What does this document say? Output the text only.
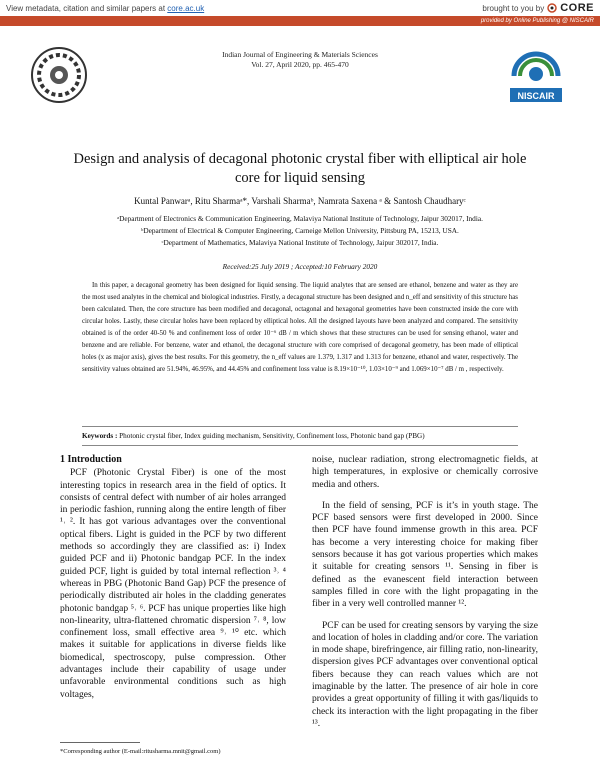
View metadata, citation and similar papers at core.ac.uk	brought to you by CORE
provided by Online Publishing @ NISCAIR
NISCAIR
Indian Journal of Engineering & Materials Sciences
Vol. 27, April 2020, pp. 465-470
Design and analysis of decagonal photonic crystal fiber with elliptical air hole core for liquid sensing
Kuntal Panwarᵃ, Ritu Sharmaᵃ*, Varshali Sharmaᵇ, Namrata Saxena ᵃ & Santosh Chaudharyᶜ
ᵃDepartment of Electronics & Communication Engineering, Malaviya National Institute of Technology, Jaipur 302017, India.
ᵇDepartment of Electrical & Computer Engineering, Carneige Mellon University, Pittsburg PA, 15213, USA.
ᶜDepartment of Mathematics, Malaviya National Institute of Technology, Jaipur 302017, India.
Received:25 July 2019 ; Accepted:10 February 2020

In this paper, a decagonal geometry has been designed for liquid sensing. The liquid analytes that are sensed are ethanol, benzene and water as they are the most used analytes in the chemical and biological industries. Firstly, a decagonal structure has been designed and n_eff and sensitivity of this structure has been calculated. Then, the core structure has been modified and decagonal, octagonal and hexagonal geometries have been constructed inside the core with circular holes. Lastly, these circular holes have been replaced by elliptical holes. All the designed layouts have been analyzed and compared. The sensitivity obtained is of the order 40-50 % and confinement loss of order 10⁻⁶ dB / m which shows that these structures can be used for sensing ethanol, water and benzene and are reliable. For benzene, water and ethanol, the decagonal structure with core comprised of decagonal geometry, has been made of elliptical holes (x as major axis), gives the best results. For this geometry, the n_eff values are 1.379, 1.317 and 1.313 for benzene, ethanol and water, respectively. The sensitivity values obtained are 51.94%, 46.95%, and 44.45% and confinement loss value is 8.19×10⁻¹⁰, 1.03×10⁻⁹ and 1.069×10⁻⁷ dB / m , respectively.

Keywords : Photonic crystal fiber, Index guiding mechanism, Sensitivity, Confinement loss, Photonic band gap (PBG)
1 Introduction

PCF (Photonic Crystal Fiber) is one of the most interesting topics in research area in the field of optics. It consists of central defect with number of air holes arranged in periodic fashion, running along the entire length of fiber ¹˒ ². It has got various advantages over the conventional optical fibers. Light is guided in the PCF by two different methods so accordingly they are classified as: i) Index guided PCF and ii) Photonic bandgap PCF. In the index guided PCF, light is guided by total internal reflection ³˒ ⁴ whereas in PBG (Photonic Band Gap) PCF the presence of periodically distributed air holes in the cladding generates photonic bandgap ⁵˒ ⁶. PCF has unique properties like high non-linearity, ultra-flattened chromatic dispersion ⁷˒ ⁸, low confinement loss, small effective area ⁹˒ ¹⁰ etc. which makes it suitable for applications in diverse fields like biomedical, spectroscopy, pulse compression. Other advantages include their capability of usage under unfavorable environmental conditions such as high voltages,

noise, nuclear radiation, strong electromagnetic fields, at high temperatures, in explosive or chemically corrosive media and others.

In the field of sensing, PCF is it’s in youth stage. The PCF based sensors were first developed in 2000. Since then PCF have found immense growth in this area. PCF has become a very interesting choice for making fiber sensors because it has got various properties which makes it suitable for creating sensors ¹¹. Sensing in fiber is defined as the evanescent field interaction between samples filled in core with the light propagating in the fiber in a very well controlled manner ¹².

PCF can be used for creating sensors by varying the size and location of holes in cladding and/or core. The variation in mode shape, birefringence, air filling ratio, non-linearity, dispersion gives PCF advantages over conventional optical fibers because they can reach values which are not imaginable by the latter. The presence of air hole in core provides a great opportunity of filling it with gas/liquids to check its interaction with the light propagating in the fiber ¹³.

*Corresponding author (E-mail:ritusharma.mnit@gmail.com)
